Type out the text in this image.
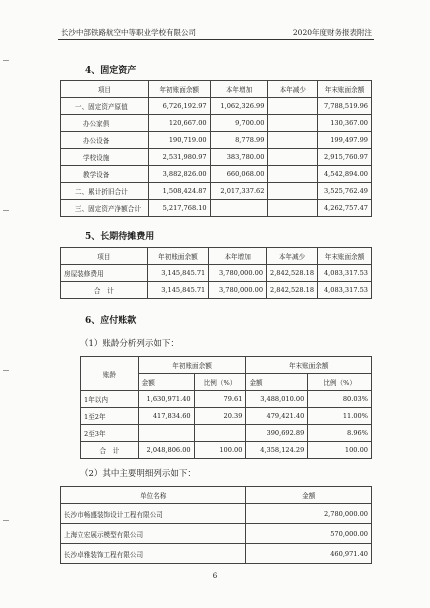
长沙中部铁路航空中等职业学校有限公司	2020年度财务报表附注
4、固定资产
项目	年初账面余额	本年增加	本年减少	年末账面余额
一、固定资产原值	6,726,192.97	1,062,326.99		7,788,519.96
办公家俱	120,667.00	9,700.00		130,367.00
办公设备	190,719.00	8,778.99		199,497.99
学校设施	2,531,980.97	383,780.00		2,915,760.97
教学设备	3,882,826.00	660,068.00		4,542,894.00
二、累计折旧合计	1,508,424.87	2,017,337.62		3,525,762.49
三、固定资产净额合计	5,217,768.10			4,262,757.47
5、长期待摊费用
项目	年初账面余额	本年增加	本年减少	年末账面余额
房屋装修费用	3,145,845.71	3,780,000.00	2,842,528.18	4,083,317.53
合　计	3,145,845.71	3,780,000.00	2,842,528.18	4,083,317.53
6、应付账款
（1）账龄分析列示如下：
账龄	年初账面余额		年末账面余额	
	金额	比例（%）	金额	比例（%）
1年以内	1,630,971.40	79.61	3,488,010.00	80.03%
1至2年	417,834.60	20.39	479,421.40	11.00%
2至3年			390,692.89	8.96%
合　计	2,048,806.00	100.00	4,358,124.29	100.00
（2）其中主要明细列示如下：
单位名称	金额
长沙市畅盛装饰设计工程有限公司	2,780,000.00
上海立宏展示模型有限公司	570,000.00
长沙卓雅装饰工程有限公司	460,971.40
6
